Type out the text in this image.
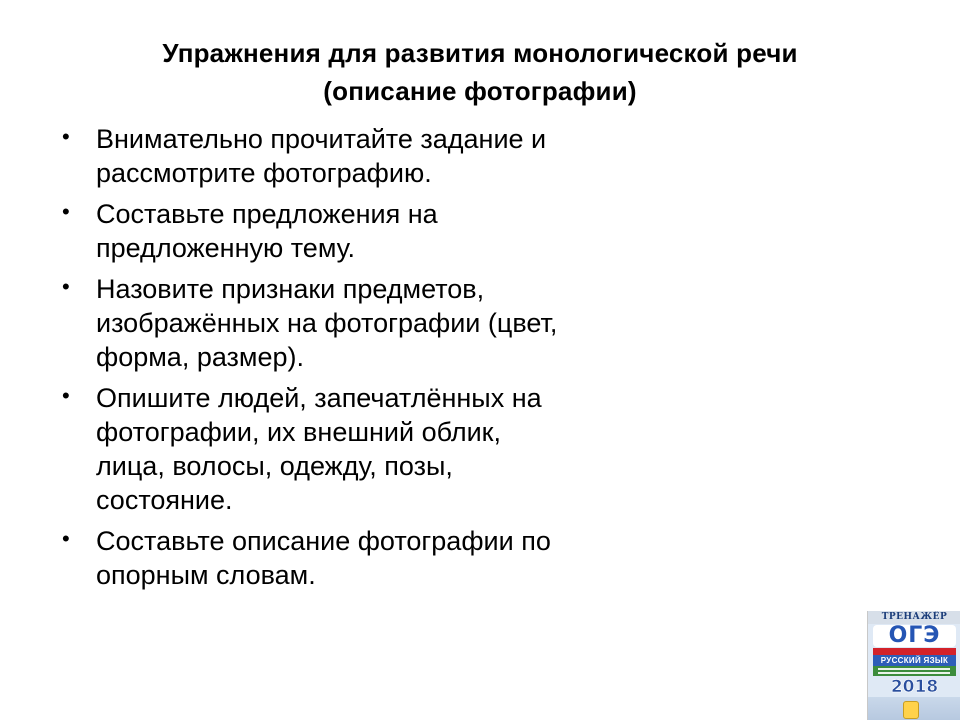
Упражнения для развития монологической речи
(описание фотографии)
• Внимательно прочитайте задание и
рассмотрите фотографию.
• Составьте предложения на
предложенную тему.
• Назовите признаки предметов,
изображённых на фотографии (цвет,
форма, размер).
• Опишите людей, запечатлённых на
фотографии, их внешний облик,
лица, волосы, одежду, позы,
состояние.
• Составьте описание фотографии по
опорным словам.
ТРЕНАЖЁР
ОГЭ
РУССКИЙ ЯЗЫК
2018
